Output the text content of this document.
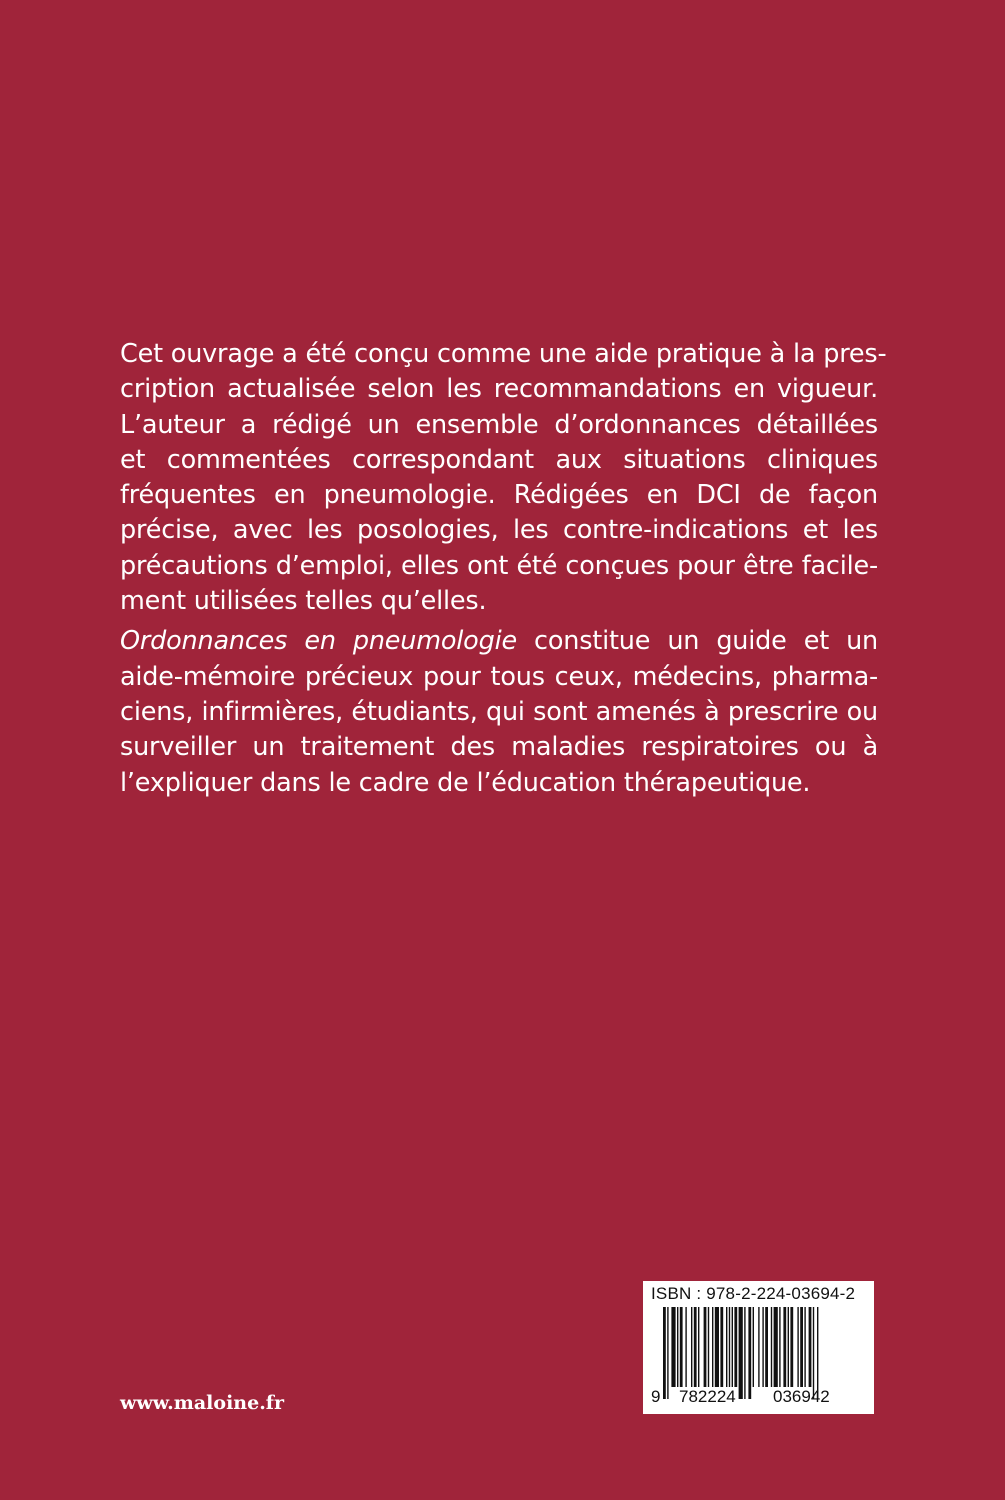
Cet ouvrage a été conçu comme une aide pratique à la pres-
cription actualisée selon les recommandations en vigueur.
L’auteur a rédigé un ensemble d’ordonnances détaillées
et commentées correspondant aux situations cliniques
fréquentes en pneumologie. Rédigées en DCI de façon
précise, avec les posologies, les contre-indications et les
précautions d’emploi, elles ont été conçues pour être facile-
ment utilisées telles qu’elles.

Ordonnances en pneumologie constitue un guide et un
aide-mémoire précieux pour tous ceux, médecins, pharma-
ciens, infirmières, étudiants, qui sont amenés à prescrire ou
surveiller un traitement des maladies respiratoires ou à
l’expliquer dans le cadre de l’éducation thérapeutique.

www.maloine.fr
ISBN : 978-2-224-03694-2
9 782224 036942
